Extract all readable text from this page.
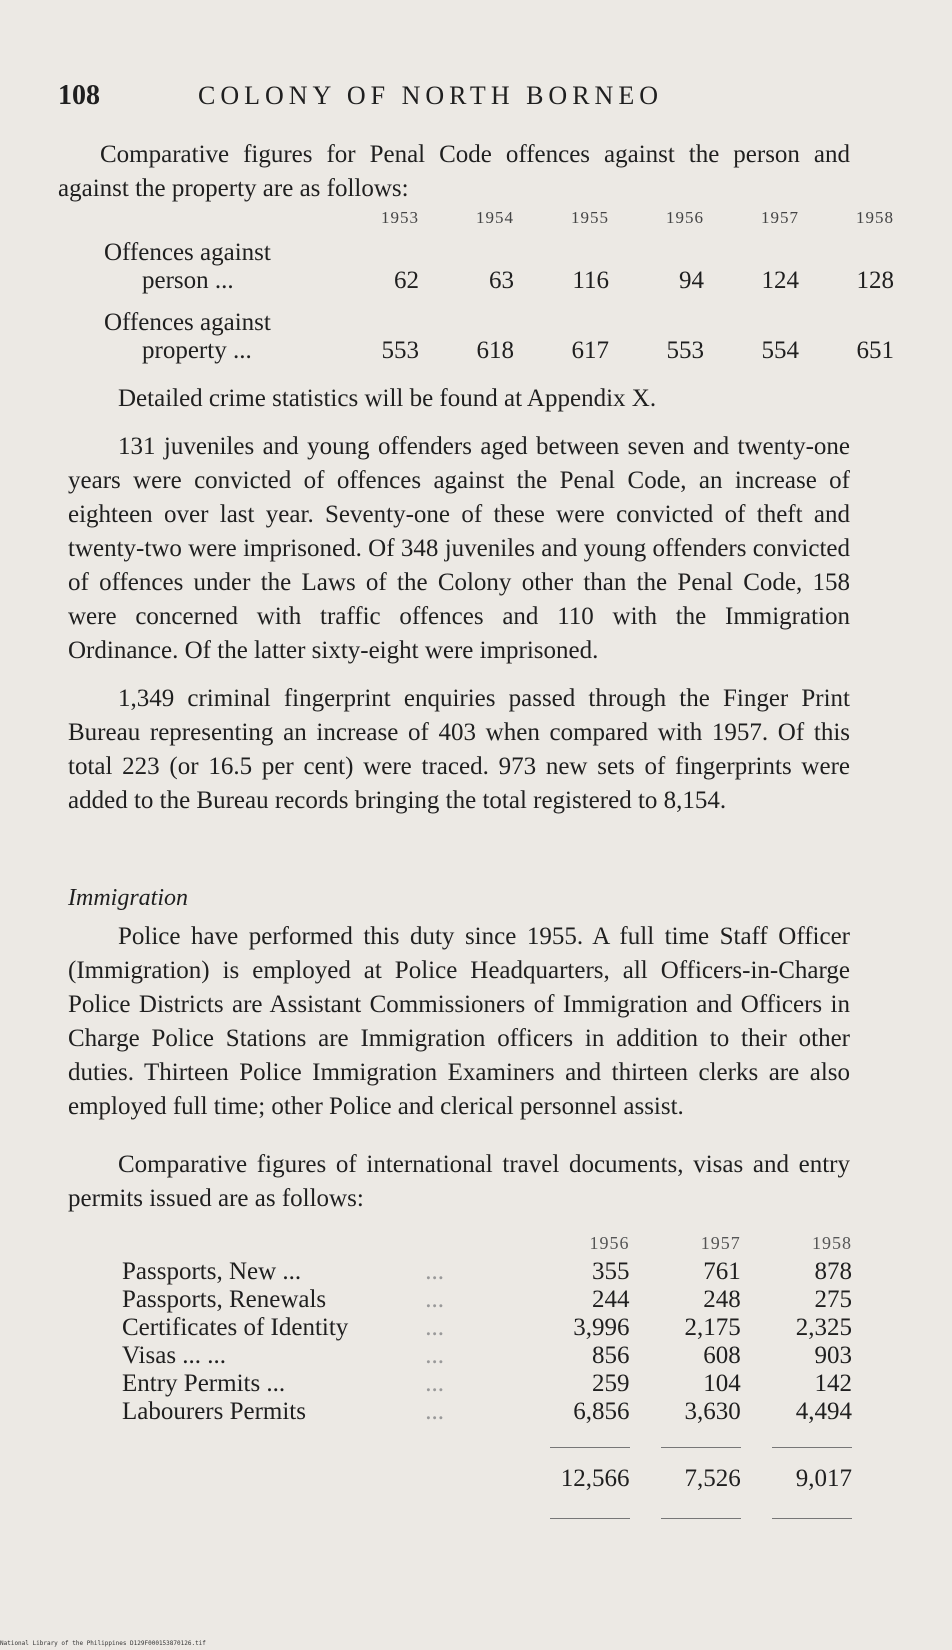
108	COLONY OF NORTH BORNEO

Comparative figures for Penal Code offences against the person and against the property are as follows:

	1953	1954	1955	1956	1957	1958
Offences against
person ...	62	63	116	94	124	128
Offences against
property ...	553	618	617	553	554	651

Detailed crime statistics will be found at Appendix X.

131 juveniles and young offenders aged between seven and twenty-one years were convicted of offences against the Penal Code, an increase of eighteen over last year. Seventy-one of these were convicted of theft and twenty-two were imprisoned. Of 348 juveniles and young offenders convicted of offences under the Laws of the Colony other than the Penal Code, 158 were concerned with traffic offences and 110 with the Immigration Ordinance. Of the latter sixty-eight were imprisoned.

1,349 criminal fingerprint enquiries passed through the Finger Print Bureau representing an increase of 403 when compared with 1957. Of this total 223 (or 16.5 per cent) were traced. 973 new sets of fingerprints were added to the Bureau records bringing the total registered to 8,154.

Immigration

Police have performed this duty since 1955. A full time Staff Officer (Immigration) is employed at Police Headquarters, all Officers-in-Charge Police Districts are Assistant Commissioners of Immigration and Officers in Charge Police Stations are Immigration officers in addition to their other duties. Thirteen Police Immigration Examiners and thirteen clerks are also employed full time; other Police and clerical personnel assist.

Comparative figures of international travel documents, visas and entry permits issued are as follows:

		1956	1957	1958
Passports, New ...	...	355	761	878
Passports, Renewals	...	244	248	275
Certificates of Identity	...	3,996	2,175	2,325
Visas ... ...	...	856	608	903
Entry Permits ...	...	259	104	142
Labourers Permits	...	6,856	3,630	4,494

		12,566	7,526	9,017

National Library of the Philippines D129F000153870126.tif
